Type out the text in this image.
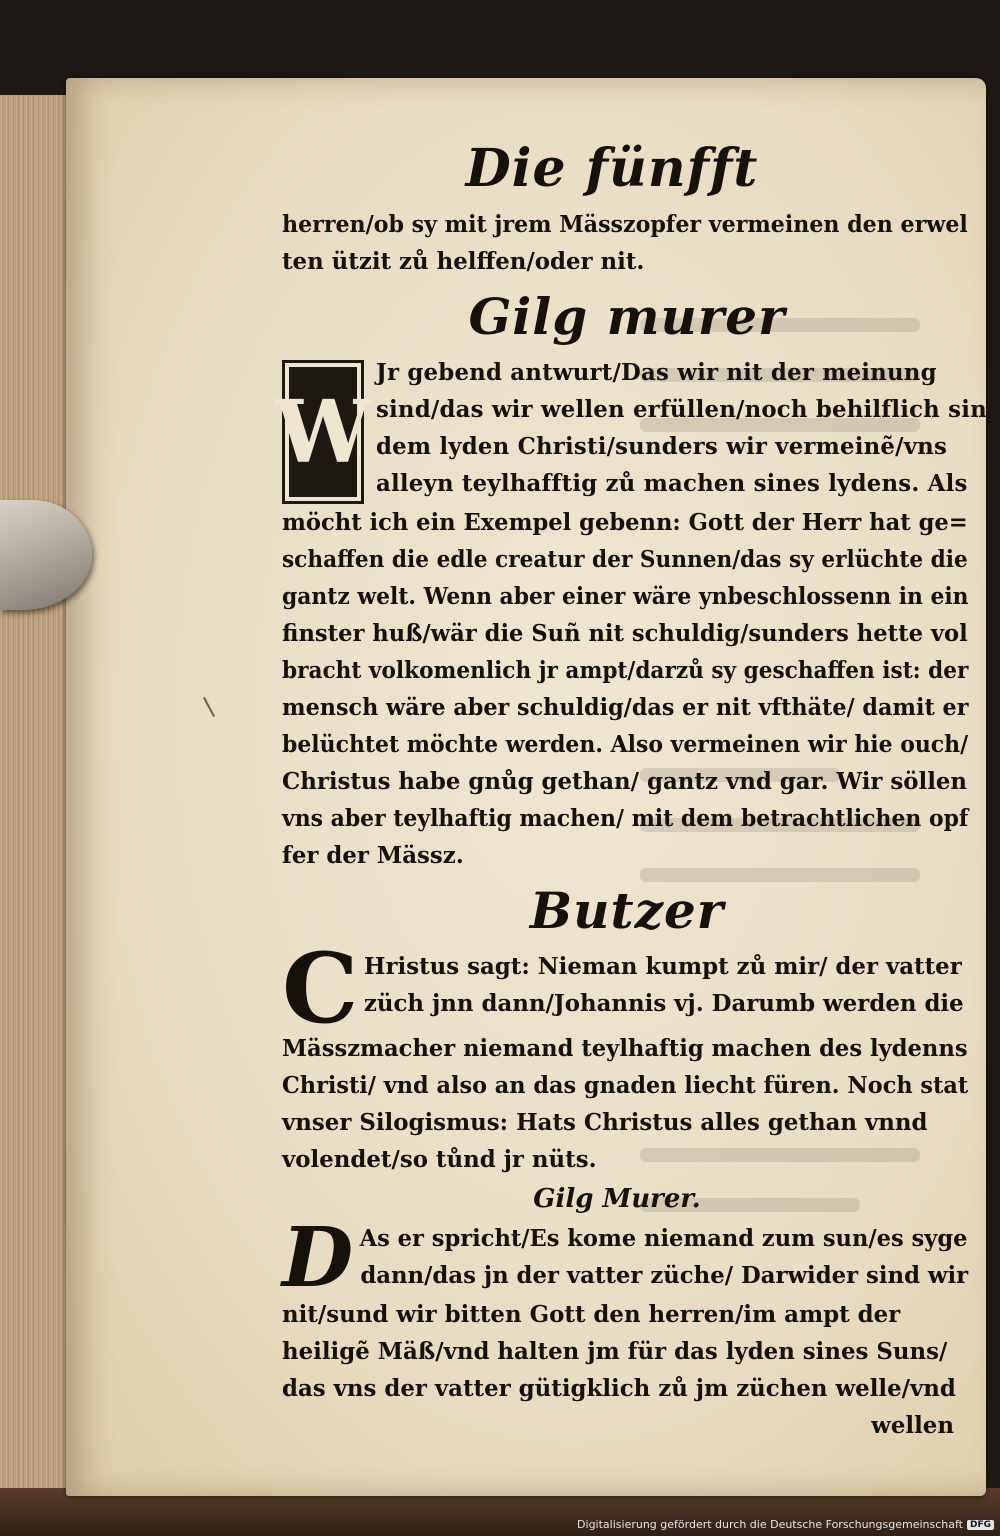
Die fünfft
herren/ob sy mit jrem Mässzopfer vermeinen den erwel
ten ützit zů helffen/oder nit.
Gilg murer
W
Jr gebend antwurt/Das wir nit der meinung
sind/das wir wellen erfüllen/noch behilflich sin
dem lyden Christi/sunders wir vermeinẽ/vns
alleyn teylhafftig zů machen sines lydens. Als
möcht ich ein Exempel gebenn: Gott der Herr hat ge=
schaffen die edle creatur der Sunnen/das sy erlüchte die
gantz welt. Wenn aber einer wäre ynbeschlossenn in ein
finster huß/wär die Suñ nit schuldig/sunders hette vol
bracht volkomenlich jr ampt/darzů sy geschaffen ist: der
mensch wäre aber schuldig/das er nit vfthäte/ damit er
belüchtet möchte werden. Also vermeinen wir hie ouch/
Christus habe gnůg gethan/ gantz vnd gar. Wir söllen
vns aber teylhaftig machen/ mit dem betrachtlichen opf
fer der Mässz.
Butzer
C Hristus sagt: Nieman kumpt zů mir/ der vatter
züch jnn dann/Johannis vj. Darumb werden die
Mässzmacher niemand teylhaftig machen des lydenns
Christi/ vnd also an das gnaden liecht füren. Noch stat
vnser Silogismus: Hats Christus alles gethan vnnd
volendet/so tůnd jr nüts.
Gilg Murer.
D As er spricht/Es kome niemand zum sun/es syge
dann/das jn der vatter züche/ Darwider sind wir
nit/sund wir bitten Gott den herren/im ampt der
heiligẽ Mäß/vnd halten jm für das lyden sines Suns/
das vns der vatter gütigklich zů jm züchen welle/vnd
wellen
Digitalisierung gefördert durch die Deutsche Forschungsgemeinschaft DFG
